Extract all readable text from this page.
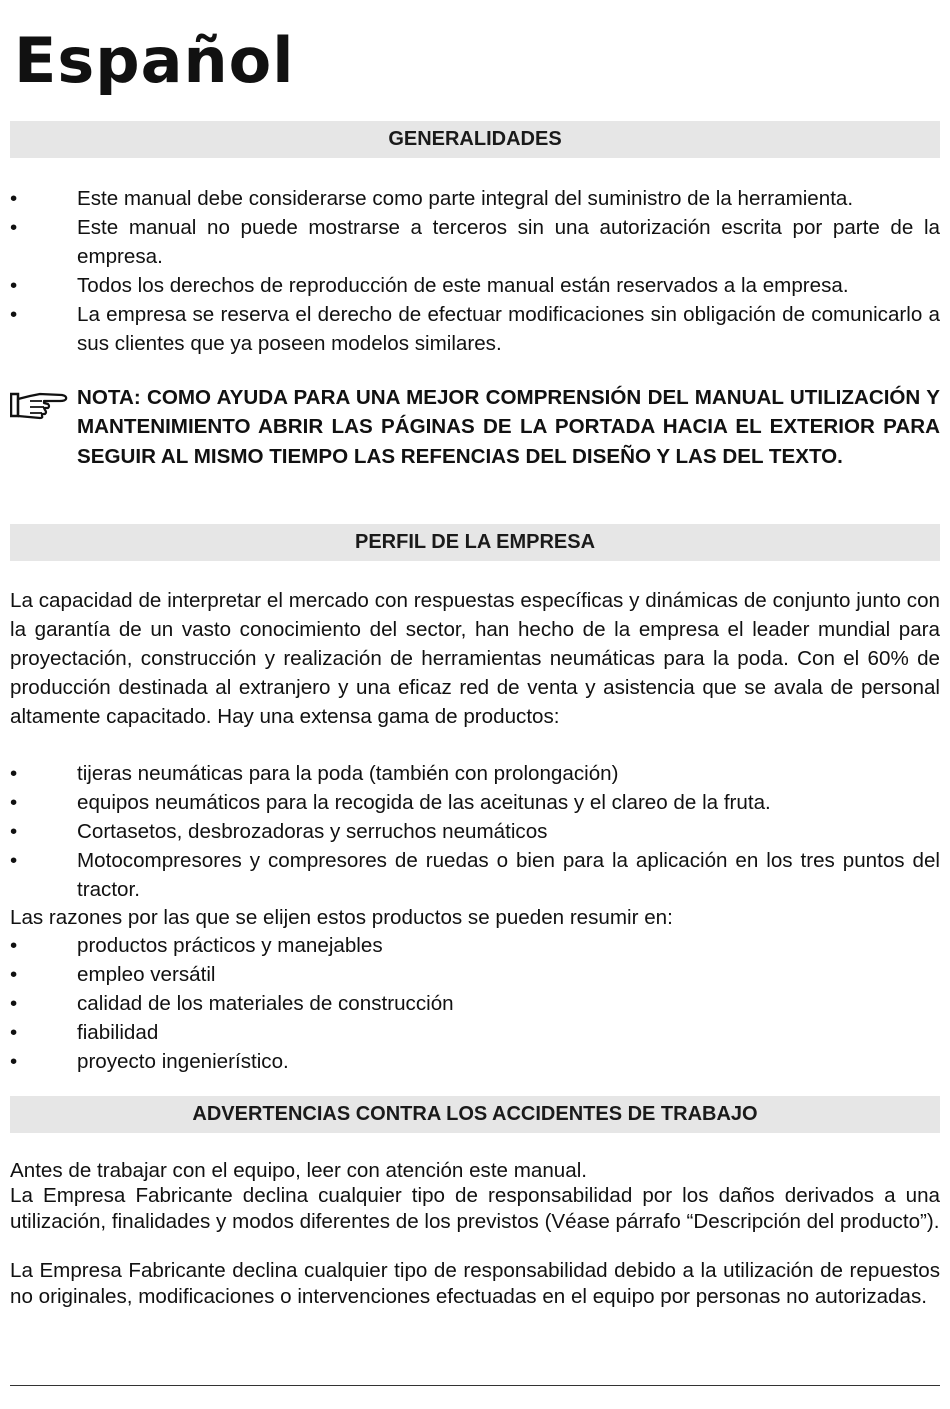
Español
GENERALIDADES
•	Este manual debe considerarse como parte integral del suministro de la herramienta.
•	Este manual no puede mostrarse a terceros sin una autorización escrita por parte de la empresa.
•	Todos los derechos de reproducción de este manual están reservados a la empresa.
•	La empresa se reserva el derecho de efectuar modificaciones sin obligación de comunicarlo a sus clientes que ya poseen modelos similares.
NOTA: COMO AYUDA PARA UNA MEJOR COMPRENSIÓN DEL MANUAL UTILIZACIÓN Y MANTENIMIENTO ABRIR LAS PÁGINAS DE LA PORTADA HACIA EL EXTERIOR PARA SEGUIR AL MISMO TIEMPO LAS REFENCIAS DEL DISEÑO Y LAS DEL TEXTO.
PERFIL DE LA EMPRESA

La capacidad de interpretar el mercado con respuestas específicas y dinámicas de conjunto junto con la garantía de un vasto conocimiento del sector, han hecho de la empresa el leader mundial para proyectación, construcción y realización de herramientas neumáticas para la poda. Con el 60% de producción destinada al extranjero y una eficaz red de venta y asistencia que se avala de personal altamente capacitado. Hay una extensa gama de productos:

•	tijeras neumáticas para la poda (también con prolongación)
•	equipos neumáticos para la recogida de las aceitunas y el clareo de la fruta.
•	Cortasetos, desbrozadoras y serruchos neumáticos
•	Motocompresores y compresores de ruedas o bien para la aplicación en los tres puntos del tractor.

Las razones por las que se elijen estos productos se pueden resumir en:

•	productos prácticos y manejables
•	empleo versátil
•	calidad de los materiales de construcción
•	fiabilidad
•	proyecto ingenierístico.
ADVERTENCIAS CONTRA LOS ACCIDENTES DE TRABAJO

Antes de trabajar con el equipo, leer con atención este manual.

La Empresa Fabricante declina cualquier tipo de responsabilidad por los daños derivados a una utilización, finalidades y modos diferentes de los previstos (Véase párrafo “Descripción del producto”).

La Empresa Fabricante declina cualquier tipo de responsabilidad debido a la utilización de repuestos no originales, modificaciones o intervenciones efectuadas en el equipo por personas no autorizadas.
